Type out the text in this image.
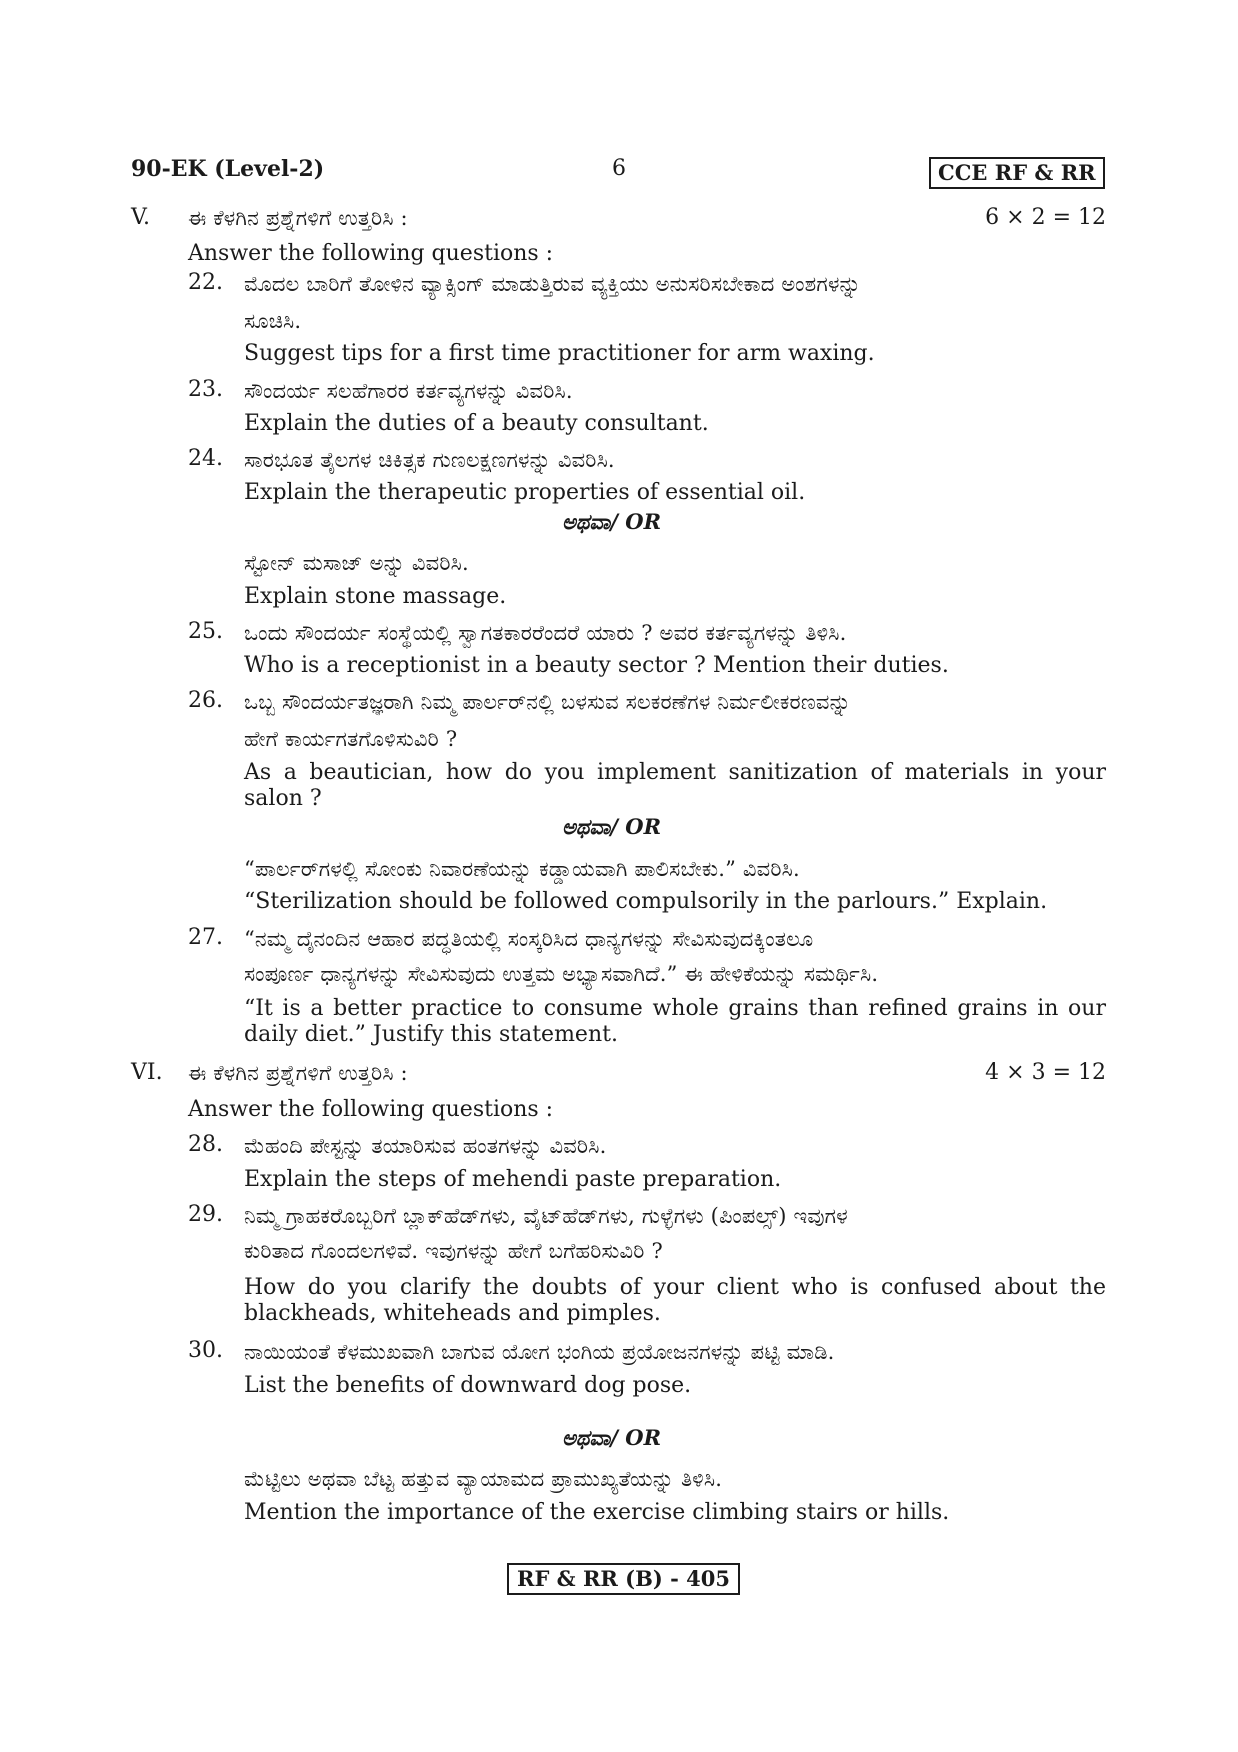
90-EK (Level-2)	6	CCE RF & RR
V. ಈ ಕೆಳಗಿನ ಪ್ರಶ್ನೆಗಳಿಗೆ ಉತ್ತರಿಸಿ :	6 × 2 = 12
Answer the following questions :
22. ಮೊದಲ ಬಾರಿಗೆ ತೋಳಿನ ವ್ಯಾಕ್ಸಿಂಗ್ ಮಾಡುತ್ತಿರುವ ವ್ಯಕ್ತಿಯು ಅನುಸರಿಸಬೇಕಾದ ಅಂಶಗಳನ್ನು
ಸೂಚಿಸಿ.
Suggest tips for a first time practitioner for arm waxing.
23. ಸೌಂದರ್ಯ ಸಲಹೆಗಾರರ ಕರ್ತವ್ಯಗಳನ್ನು ವಿವರಿಸಿ.
Explain the duties of a beauty consultant.
24. ಸಾರಭೂತ ತೈಲಗಳ ಚಿಕಿತ್ಸಕ ಗುಣಲಕ್ಷಣಗಳನ್ನು ವಿವರಿಸಿ.
Explain the therapeutic properties of essential oil.
ಅಥವಾ/ OR
ಸ್ಟೋನ್ ಮಸಾಜ್ ಅನ್ನು ವಿವರಿಸಿ.
Explain stone massage.
25. ಒಂದು ಸೌಂದರ್ಯ ಸಂಸ್ಥೆಯಲ್ಲಿ ಸ್ವಾಗತಕಾರರೆಂದರೆ ಯಾರು ? ಅವರ ಕರ್ತವ್ಯಗಳನ್ನು ತಿಳಿಸಿ.
Who is a receptionist in a beauty sector ? Mention their duties.
26. ಒಬ್ಬ ಸೌಂದರ್ಯತಜ್ಞರಾಗಿ ನಿಮ್ಮ ಪಾರ್ಲರ್‌ನಲ್ಲಿ ಬಳಸುವ ಸಲಕರಣೆಗಳ ನಿರ್ಮಲೀಕರಣವನ್ನು
ಹೇಗೆ ಕಾರ್ಯಗತಗೊಳಿಸುವಿರಿ ?
As a beautician, how do you implement sanitization of materials in your salon ?
ಅಥವಾ/ OR
“ಪಾರ್ಲರ್‌ಗಳಲ್ಲಿ ಸೋಂಕು ನಿವಾರಣೆಯನ್ನು ಕಡ್ಡಾಯವಾಗಿ ಪಾಲಿಸಬೇಕು.” ವಿವರಿಸಿ.
“Sterilization should be followed compulsorily in the parlours.” Explain.
27. “ನಮ್ಮ ದೈನಂದಿನ ಆಹಾರ ಪದ್ಧತಿಯಲ್ಲಿ ಸಂಸ್ಕರಿಸಿದ ಧಾನ್ಯಗಳನ್ನು ಸೇವಿಸುವುದಕ್ಕಿಂತಲೂ
ಸಂಪೂರ್ಣ ಧಾನ್ಯಗಳನ್ನು ಸೇವಿಸುವುದು ಉತ್ತಮ ಅಭ್ಯಾಸವಾಗಿದೆ.” ಈ ಹೇಳಿಕೆಯನ್ನು ಸಮರ್ಥಿಸಿ.
“It is a better practice to consume whole grains than refined grains in our daily diet.” Justify this statement.
VI. ಈ ಕೆಳಗಿನ ಪ್ರಶ್ನೆಗಳಿಗೆ ಉತ್ತರಿಸಿ :	4 × 3 = 12
Answer the following questions :
28. ಮೆಹಂದಿ ಪೇಸ್ಟನ್ನು ತಯಾರಿಸುವ ಹಂತಗಳನ್ನು ವಿವರಿಸಿ.
Explain the steps of mehendi paste preparation.
29. ನಿಮ್ಮ ಗ್ರಾಹಕರೊಬ್ಬರಿಗೆ ಬ್ಲಾಕ್‌ಹೆಡ್‌ಗಳು, ವೈಟ್‌ಹೆಡ್‌ಗಳು, ಗುಳ್ಳೆಗಳು (ಪಿಂಪಲ್ಸ್) ಇವುಗಳ
ಕುರಿತಾದ ಗೊಂದಲಗಳಿವೆ. ಇವುಗಳನ್ನು ಹೇಗೆ ಬಗೆಹರಿಸುವಿರಿ ?
How do you clarify the doubts of your client who is confused about the blackheads, whiteheads and pimples.
30. ನಾಯಿಯಂತೆ ಕೆಳಮುಖವಾಗಿ ಬಾಗುವ ಯೋಗ ಭಂಗಿಯ ಪ್ರಯೋಜನಗಳನ್ನು ಪಟ್ಟಿ ಮಾಡಿ.
List the benefits of downward dog pose.
ಅಥವಾ/ OR
ಮೆಟ್ಟಿಲು ಅಥವಾ ಬೆಟ್ಟ ಹತ್ತುವ ವ್ಯಾಯಾಮದ ಪ್ರಾಮುಖ್ಯತೆಯನ್ನು ತಿಳಿಸಿ.
Mention the importance of the exercise climbing stairs or hills.
RF & RR (B) - 405
